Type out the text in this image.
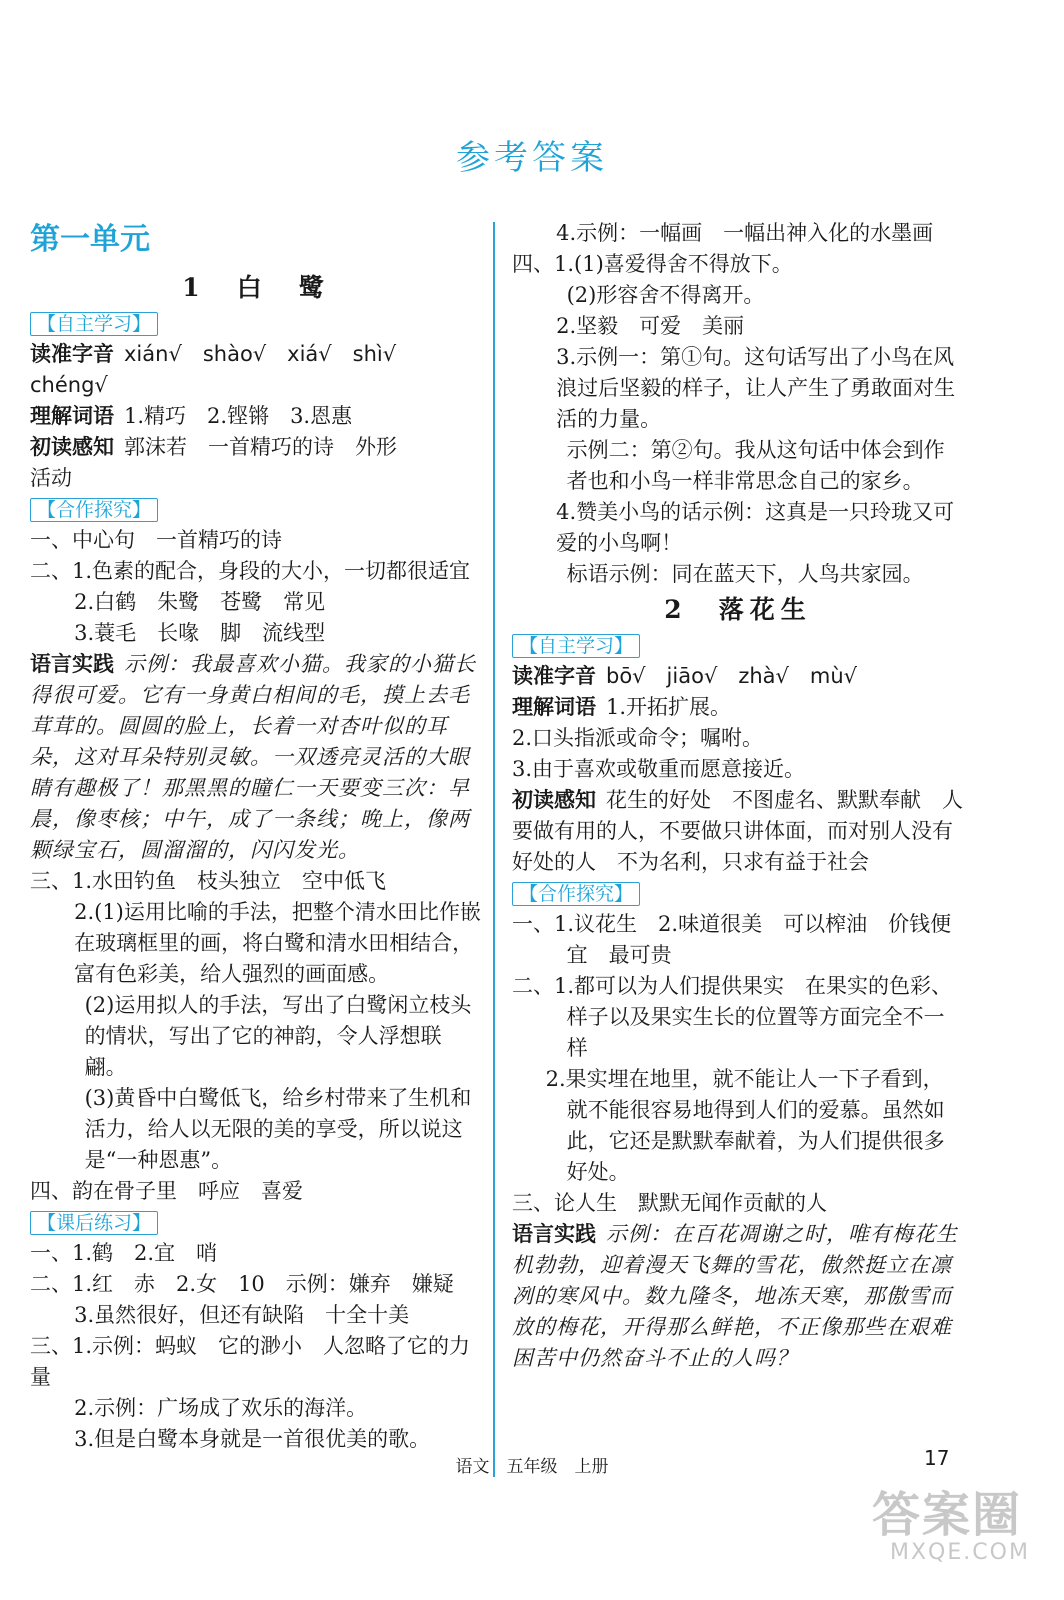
参考答案
第一单元
1　白　鹭
【自主学习】
读准字音 xián√　shào√　xiá√　shì√
chéng√
理解词语 1.精巧　2.铿锵　3.恩惠
初读感知 郭沫若　一首精巧的诗　外形
活动
【合作探究】
一、中心句　一首精巧的诗
二、1.色素的配合，身段的大小，一切都很适宜
2.白鹤　朱鹭　苍鹭　常见
3.蓑毛　长喙　脚　流线型
语言实践 示例：我最喜欢小猫。我家的小猫长得很可爱。它有一身黄白相间的毛，摸上去毛茸茸的。圆圆的脸上，长着一对杏叶似的耳朵，这对耳朵特别灵敏。一双透亮灵活的大眼睛有趣极了！那黑黑的瞳仁一天要变三次：早晨，像枣核；中午，成了一条线；晚上，像两颗绿宝石，圆溜溜的，闪闪发光。
三、1.水田钓鱼　枝头独立　空中低飞
2.(1)运用比喻的手法，把整个清水田比作嵌在玻璃框里的画，将白鹭和清水田相结合，富有色彩美，给人强烈的画面感。
(2)运用拟人的手法，写出了白鹭闲立枝头的情状，写出了它的神韵，令人浮想联翩。
(3)黄昏中白鹭低飞，给乡村带来了生机和活力，给人以无限的美的享受，所以说这是“一种恩惠”。
四、韵在骨子里　呼应　喜爱
【课后练习】
一、1.鹤　2.宜　哨
二、1.红　赤　2.女　10　示例：嫌弃　嫌疑
3.虽然很好，但还有缺陷　十全十美
三、1.示例：蚂蚁　它的渺小　人忽略了它的力量
2.示例：广场成了欢乐的海洋。
3.但是白鹭本身就是一首很优美的歌。
4.示例：一幅画　一幅出神入化的水墨画
四、1.(1)喜爱得舍不得放下。
(2)形容舍不得离开。
2.坚毅　可爱　美丽
3.示例一：第①句。这句话写出了小鸟在风浪过后坚毅的样子，让人产生了勇敢面对生活的力量。
示例二：第②句。我从这句话中体会到作者也和小鸟一样非常思念自己的家乡。
4.赞美小鸟的话示例：这真是一只玲珑又可爱的小鸟啊！
标语示例：同在蓝天下，人鸟共家园。
2　落花生
【自主学习】
读准字音 bō√　jiāo√　zhà√　mù√
理解词语 1.开拓扩展。
2.口头指派或命令；嘱咐。
3.由于喜欢或敬重而愿意接近。
初读感知 花生的好处　不图虚名、默默奉献　人要做有用的人，不要做只讲体面，而对别人没有好处的人　不为名利，只求有益于社会
【合作探究】
一、1.议花生　2.味道很美　可以榨油　价钱便宜　最可贵
二、1.都可以为人们提供果实　在果实的色彩、样子以及果实生长的位置等方面完全不一样
2.果实埋在地里，就不能让人一下子看到，就不能很容易地得到人们的爱慕。虽然如此，它还是默默奉献着，为人们提供很多好处。
三、论人生　默默无闻作贡献的人
语言实践 示例：在百花凋谢之时，唯有梅花生机勃勃，迎着漫天飞舞的雪花，傲然挺立在凛冽的寒风中。数九隆冬，地冻天寒，那傲雪而放的梅花，开得那么鲜艳，不正像那些在艰难困苦中仍然奋斗不止的人吗？
语文　五年级　上册	17
答案圈
MXQE.COM
